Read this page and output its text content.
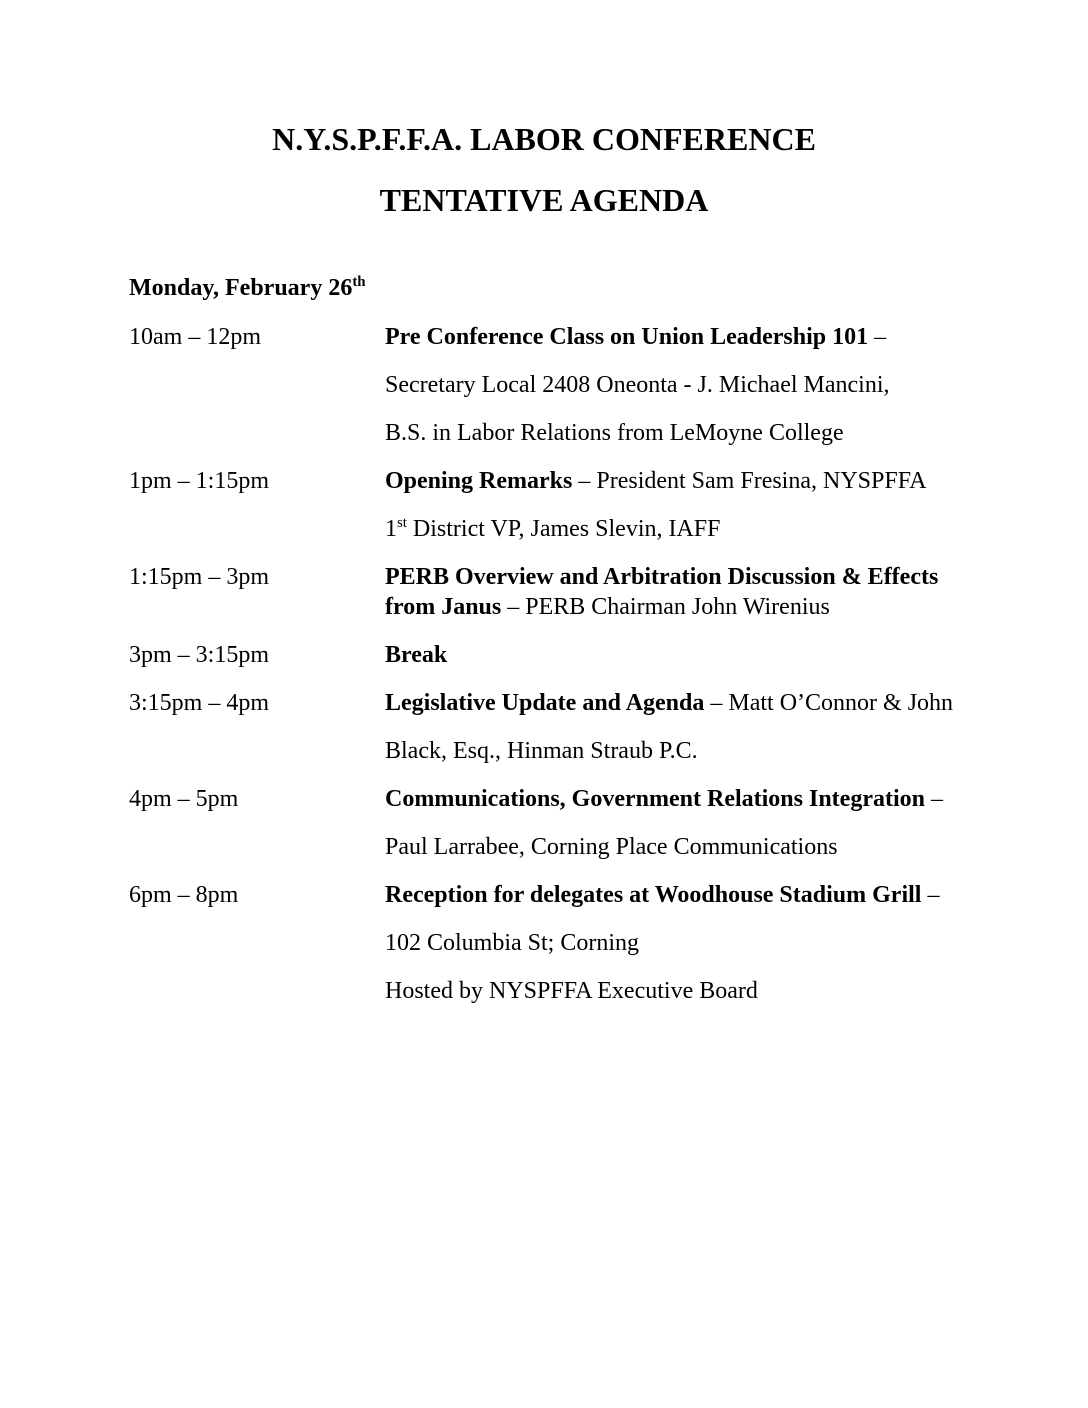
N.Y.S.P.F.F.A. LABOR CONFERENCE

TENTATIVE AGENDA

Monday, February 26th

10am – 12pm	Pre Conference Class on Union Leadership 101 –

Secretary Local 2408 Oneonta - J. Michael Mancini,

B.S. in Labor Relations from LeMoyne College

1pm – 1:15pm	Opening Remarks – President Sam Fresina, NYSPFFA

1st District VP, James Slevin, IAFF

1:15pm – 3pm	PERB Overview and Arbitration Discussion & Effects

from Janus – PERB Chairman John Wirenius

3pm – 3:15pm	Break

3:15pm – 4pm	Legislative Update and Agenda – Matt O’Connor & John

Black, Esq., Hinman Straub P.C.

4pm – 5pm	Communications, Government Relations Integration –

Paul Larrabee, Corning Place Communications

6pm – 8pm	Reception for delegates at Woodhouse Stadium Grill –

102 Columbia St; Corning

Hosted by NYSPFFA Executive Board
